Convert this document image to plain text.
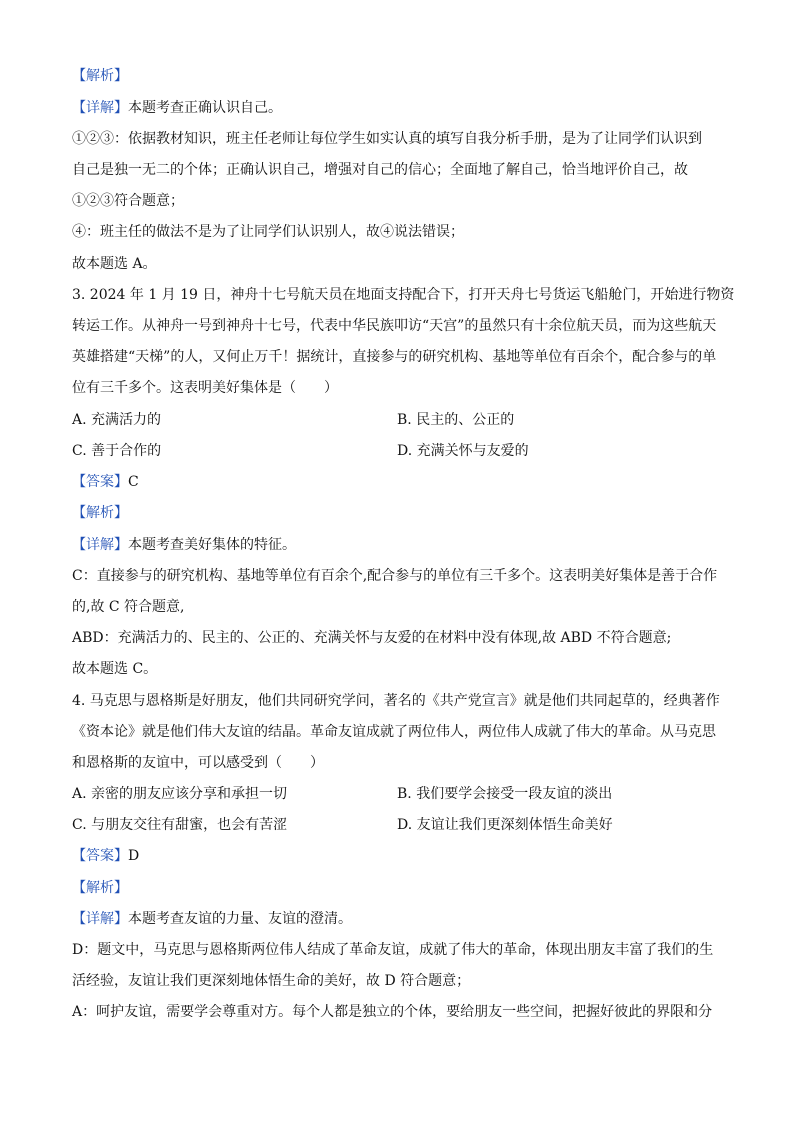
【解析】
【详解】本题考查正确认识自己。
①②③：依据教材知识，班主任老师让每位学生如实认真的填写自我分析手册，是为了让同学们认识到
自己是独一无二的个体；正确认识自己，增强对自己的信心；全面地了解自己，恰当地评价自己，故
①②③符合题意；
④：班主任的做法不是为了让同学们认识别人，故④说法错误；
故本题选 A。
3. 2024 年 1 月 19 日，神舟十七号航天员在地面支持配合下，打开天舟七号货运飞船舱门，开始进行物资
转运工作。从神舟一号到神舟十七号，代表中华民族叩访“天宫”的虽然只有十余位航天员，而为这些航天
英雄搭建“天梯”的人，又何止万千！据统计，直接参与的研究机构、基地等单位有百余个，配合参与的单
位有三千多个。这表明美好集体是（　　）
A. 充满活力的	B. 民主的、公正的
C. 善于合作的	D. 充满关怀与友爱的
【答案】C
【解析】
【详解】本题考查美好集体的特征。
C：直接参与的研究机构、基地等单位有百余个,配合参与的单位有三千多个。这表明美好集体是善于合作
的,故 C 符合题意,
ABD：充满活力的、民主的、公正的、充满关怀与友爱的在材料中没有体现,故 ABD 不符合题意;
故本题选 C。
4. 马克思与恩格斯是好朋友，他们共同研究学问，著名的《共产党宣言》就是他们共同起草的，经典著作
《资本论》就是他们伟大友谊的结晶。革命友谊成就了两位伟人，两位伟人成就了伟大的革命。从马克思
和恩格斯的友谊中，可以感受到（　　）
A. 亲密的朋友应该分享和承担一切	B. 我们要学会接受一段友谊的淡出
C. 与朋友交往有甜蜜，也会有苦涩	D. 友谊让我们更深刻体悟生命美好
【答案】D
【解析】
【详解】本题考查友谊的力量、友谊的澄清。
D：题文中，马克思与恩格斯两位伟人结成了革命友谊，成就了伟大的革命，体现出朋友丰富了我们的生
活经验，友谊让我们更深刻地体悟生命的美好，故 D 符合题意；
A：呵护友谊，需要学会尊重对方。每个人都是独立的个体，要给朋友一些空间，把握好彼此的界限和分
